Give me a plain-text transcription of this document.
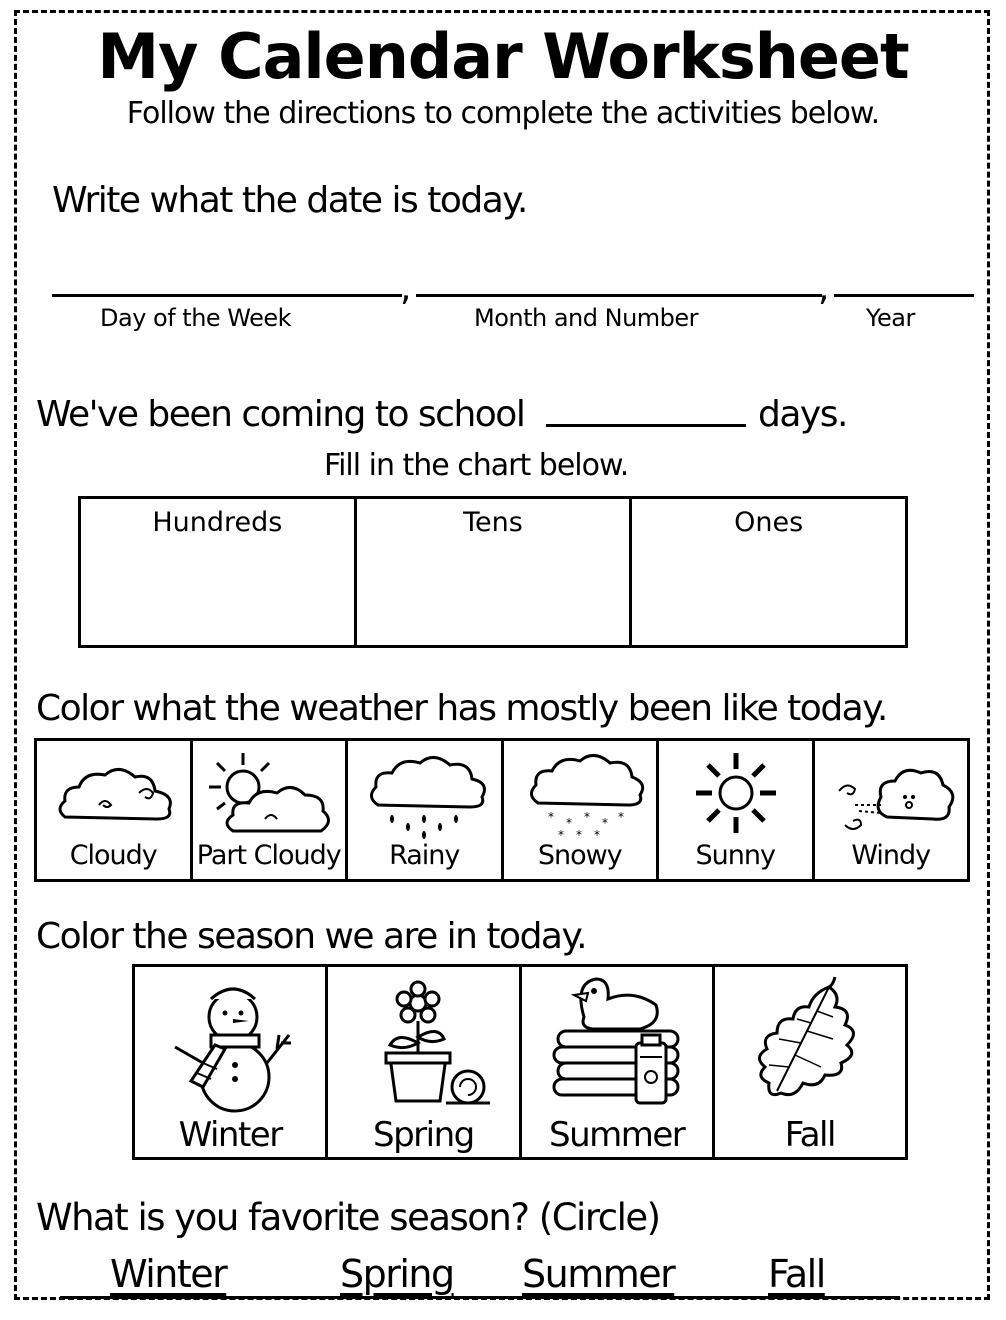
My Calendar Worksheet
Follow the directions to complete the activities below.
Write what the date is today.
,	,
Day of the Week	Month and Number	Year
We've been coming to school	days.
Fill in the chart below.
Hundreds	Tens	Ones
Color what the weather has mostly been like today.
Cloudy	Part Cloudy	Rainy
* * * * *
* * *
Snowy	Sunny	Windy
Color the season we are in today.
Winter	Spring	Summer	Fall
What is you favorite season? (Circle)
Winter	Spring Summer Fall
